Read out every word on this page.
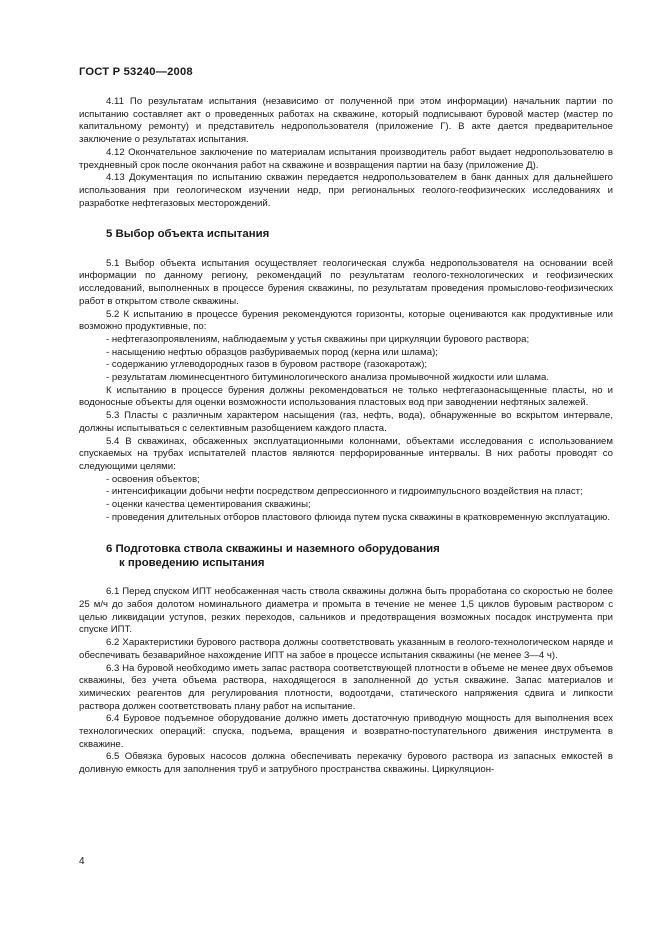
ГОСТ Р 53240—2008

4.11 По результатам испытания (независимо от полученной при этом информации) начальник партии по испытанию составляет акт о проведенных работах на скважине, который подписывают буровой мастер (мастер по капитальному ремонту) и представитель недропользователя (приложение Г). В акте дается предварительное заключение о результатах испытания.

4.12 Окончательное заключение по материалам испытания производитель работ выдает недропользователю в трехдневный срок после окончания работ на скважине и возвращения партии на базу (приложение Д).

4.13 Документация по испытанию скважин передается недропользователем в банк данных для дальнейшего использования при геологическом изучении недр, при региональных геолого-геофизических исследованиях и разработке нефтегазовых месторождений.

5 Выбор объекта испытания

5.1 Выбор объекта испытания осуществляет геологическая служба недропользователя на основании всей информации по данному региону, рекомендаций по результатам геолого-технологических и геофизических исследований, выполненных в процессе бурения скважины, по результатам проведения промыслово-геофизических работ в открытом стволе скважины.

5.2 К испытанию в процессе бурения рекомендуются горизонты, которые оцениваются как продуктивные или возможно продуктивные, по:

- нефтегазопроявлениям, наблюдаемым у устья скважины при циркуляции бурового раствора;

- насыщению нефтью образцов разбуриваемых пород (керна или шлама);

- содержанию углеводородных газов в буровом растворе (газокаротаж);

- результатам люминесцентного битуминологического анализа промывочной жидкости или шлама.

К испытанию в процессе бурения должны рекомендоваться не только нефтегазонасыщенные пласты, но и водоносные объекты для оценки возможности использования пластовых вод при заводнении нефтяных залежей.

5.3 Пласты с различным характером насыщения (газ, нефть, вода), обнаруженные во вскрытом интервале, должны испытываться с селективным разобщением каждого пласта.

5.4 В скважинах, обсаженных эксплуатационными колоннами, объектами исследования с использованием спускаемых на трубах испытателей пластов являются перфорированные интервалы. В них работы проводят со следующими целями:

- освоения объектов;

- интенсификации добычи нефти посредством депрессионного и гидроимпульсного воздействия на пласт;

- оценки качества цементирования скважины;

- проведения длительных отборов пластового флюида путем пуска скважины в кратковременную эксплуатацию.

6 Подготовка ствола скважины и наземного оборудования
к проведению испытания

6.1 Перед спуском ИПТ необсаженная часть ствола скважины должна быть проработана со скоростью не более 25 м/ч до забоя долотом номинального диаметра и промыта в течение не менее 1,5 циклов буровым раствором с целью ликвидации уступов, резких переходов, сальников и предотвращения возможных посадок инструмента при спуске ИПТ.

6.2 Характеристики бурового раствора должны соответствовать указанным в геолого-технологическом наряде и обеспечивать безаварийное нахождение ИПТ на забое в процессе испытания скважины (не менее 3—4 ч).

6.3 На буровой необходимо иметь запас раствора соответствующей плотности в объеме не менее двух объемов скважины, без учета объема раствора, находящегося в заполненной до устья скважине. Запас материалов и химических реагентов для регулирования плотности, водоотдачи, статического напряжения сдвига и липкости раствора должен соответствовать плану работ на испытание.

6.4 Буровое подъемное оборудование должно иметь достаточную приводную мощность для выполнения всех технологических операций: спуска, подъема, вращения и возвратно-поступательного движения инструмента в скважине.

6.5 Обвязка буровых насосов должна обеспечивать перекачку бурового раствора из запасных емкостей в доливную емкость для заполнения труб и затрубного пространства скважины. Циркуляцион-

4
